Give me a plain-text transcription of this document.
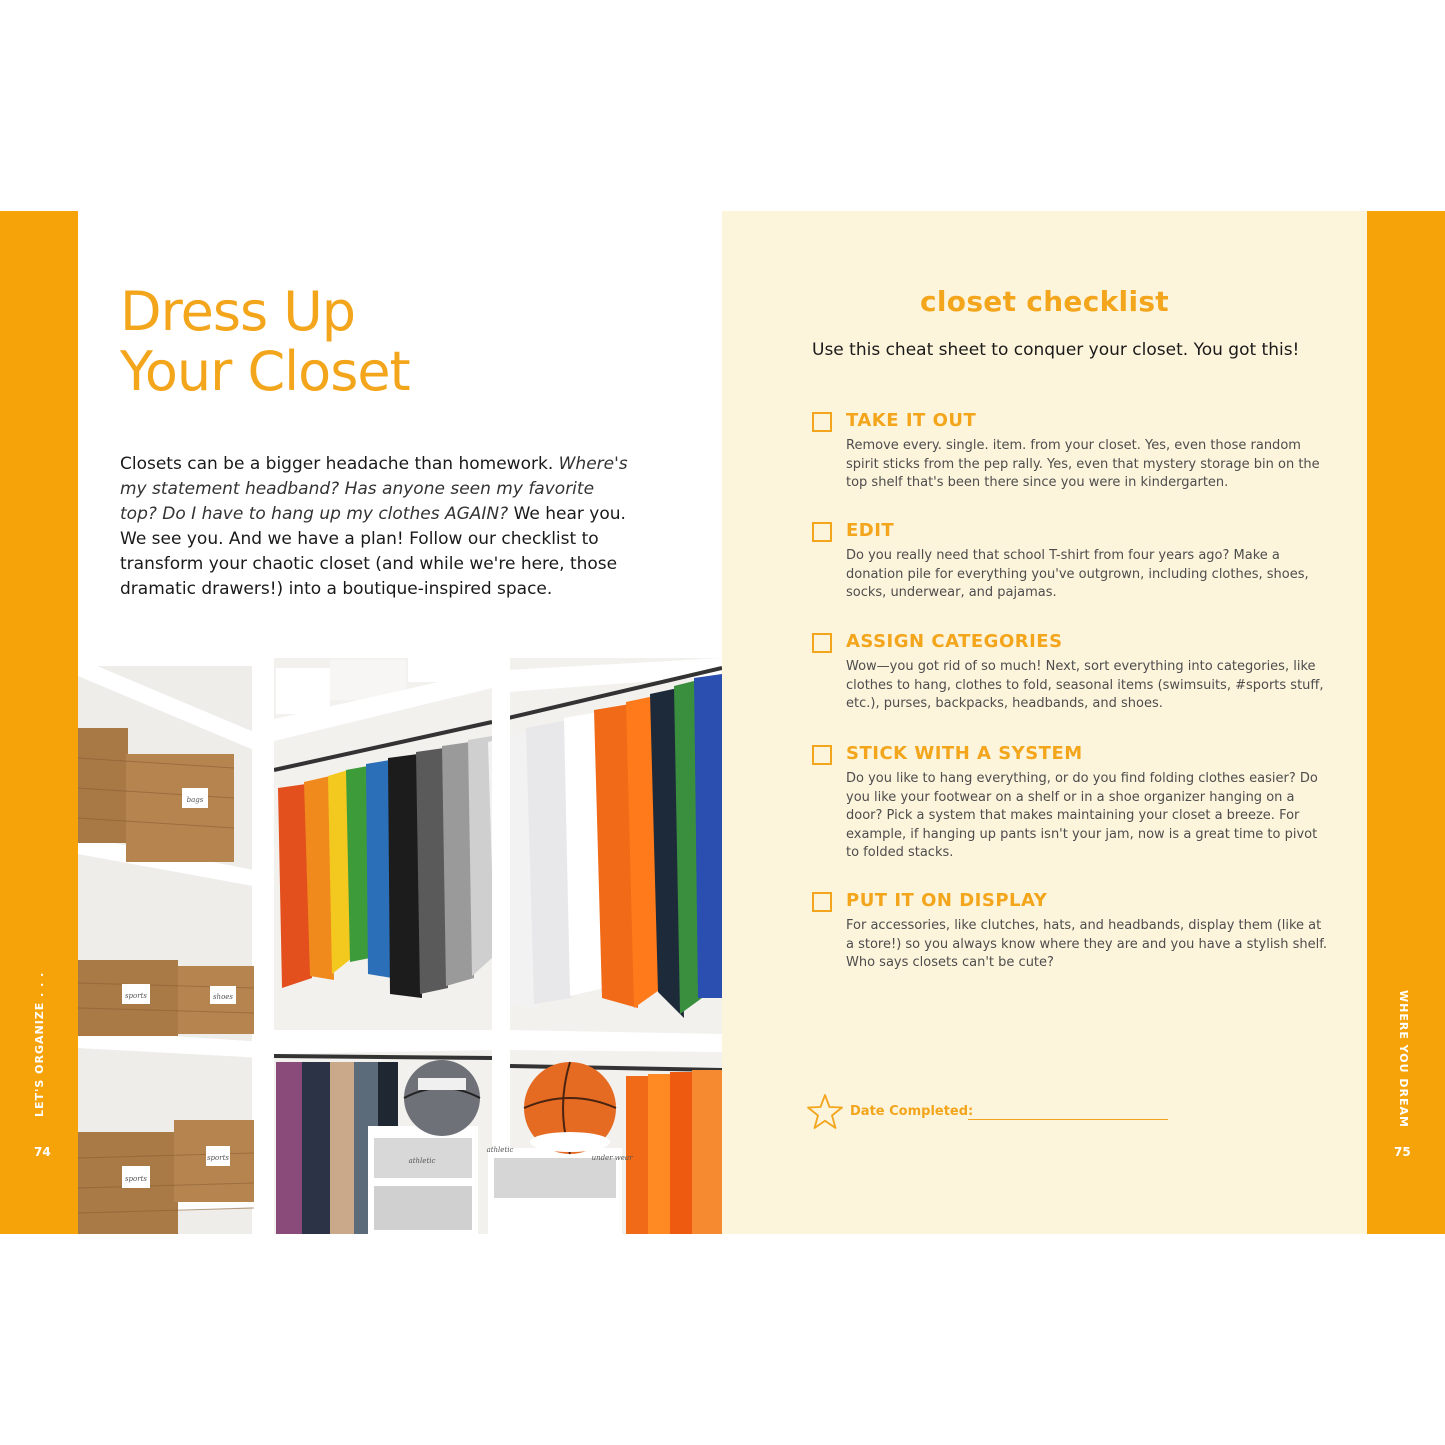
LET'S ORGANIZE . . .
74
Dress Up
Your Closet

Closets can be a bigger headache than homework. Where's my statement headband? Has anyone seen my favorite top? Do I have to hang up my clothes AGAIN? We hear you. We see you. And we have a plan! Follow our checklist to transform your chaotic closet (and while we're here, those dramatic drawers!) into a boutique-inspired space.

bags
sports	shoes
sports
sports
athletic
athletic	under wear
WHERE YOU DREAM
75
closet checklist

Use this cheat sheet to conquer your closet. You got this!

TAKE IT OUT

Remove every. single. item. from your closet. Yes, even those random spirit sticks from the pep rally. Yes, even that mystery storage bin on the top shelf that's been there since you were in kindergarten.

EDIT

Do you really need that school T-shirt from four years ago? Make a donation pile for everything you've outgrown, including clothes, shoes, socks, underwear, and pajamas.

ASSIGN CATEGORIES

Wow—you got rid of so much! Next, sort everything into categories, like clothes to hang, clothes to fold, seasonal items (swimsuits, #sports stuff, etc.), purses, backpacks, headbands, and shoes.

STICK WITH A SYSTEM

Do you like to hang everything, or do you find folding clothes easier? Do you like your footwear on a shelf or in a shoe organizer hanging on a door? Pick a system that makes maintaining your closet a breeze. For example, if hanging up pants isn't your jam, now is a great time to pivot to folded stacks.

PUT IT ON DISPLAY

For accessories, like clutches, hats, and headbands, display them (like at a store!) so you always know where they are and you have a stylish shelf. Who says closets can't be cute?

Date Completed:
